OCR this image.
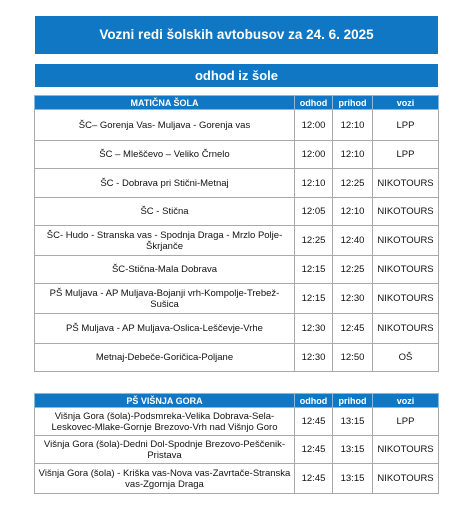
Vozni redi šolskih avtobusov za 24. 6. 2025
odhod iz šole
MATIČNA ŠOLA	odhod	prihod	vozi
ŠC– Gorenja Vas- Muljava - Gorenja vas	12:00	12:10	LPP
ŠC – Mleščevo – Veliko Črnelo	12:00	12:10	LPP
ŠC - Dobrava pri Stični-Metnaj	12:10	12:25	NIKOTOURS
ŠC - Stična	12:05	12:10	NIKOTOURS
ŠC- Hudo - Stranska vas - Spodnja Draga - Mrzlo Polje-Škrjanče	12:25	12:40	NIKOTOURS
ŠC-Stična-Mala Dobrava	12:15	12:25	NIKOTOURS
PŠ Muljava - AP Muljava-Bojanji vrh-Kompolje-Trebež-Sušica	12:15	12:30	NIKOTOURS
PŠ Muljava - AP Muljava-Oslica-Leščevje-Vrhe	12:30	12:45	NIKOTOURS
Metnaj-Debeče-Goričica-Poljane	12:30	12:50	OŠ
PŠ VIŠNJA GORA	odhod	prihod	vozi
Višnja Gora (šola)-Podsmreka-Velika Dobrava-Sela-Leskovec-Mlake-Gornje Brezovo-Vrh nad Višnjo Goro	12:45	13:15	LPP
Višnja Gora (šola)-Dedni Dol-Spodnje Brezovo-Peščenik-Pristava	12:45	13:15	NIKOTOURS
Višnja Gora (šola) - Kriška vas-Nova vas-Zavrtače-Stranska vas-Zgornja Draga	12:45	13:15	NIKOTOURS
